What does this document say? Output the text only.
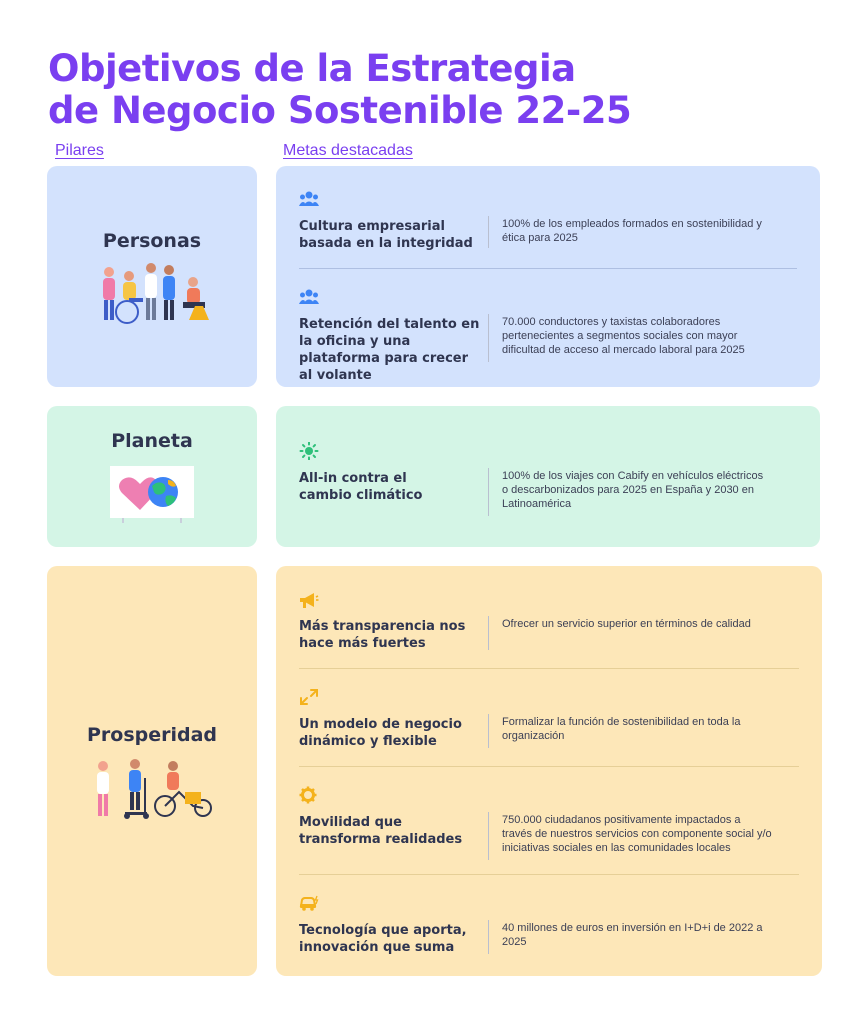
Objetivos de la Estrategia
de Negocio Sostenible 22-25
Pilares	Metas destacadas
Personas
Cultura empresarial basada en la integridad
100% de los empleados formados en sostenibilidad y ética para 2025
Retención del talento en la oficina y una plataforma para crecer al volante
70.000 conductores y taxistas colaboradores pertenecientes a segmentos sociales con mayor dificultad de acceso al mercado laboral para 2025
Planeta
All-in contra el cambio climático
100% de los viajes con Cabify en vehículos eléctricos o descarbonizados para 2025 en España y 2030 en Latinoamérica
Prosperidad
Más transparencia nos hace más fuertes
Ofrecer un servicio superior en términos de calidad
Un modelo de negocio dinámico y flexible
Formalizar la función de sostenibilidad en toda la organización
Movilidad que transforma realidades
750.000 ciudadanos positivamente impactados a través de nuestros servicios con componente social y/o iniciativas sociales en las comunidades locales
Tecnología que aporta, innovación que suma
40 millones de euros en inversión en I+D+i de 2022 a 2025
